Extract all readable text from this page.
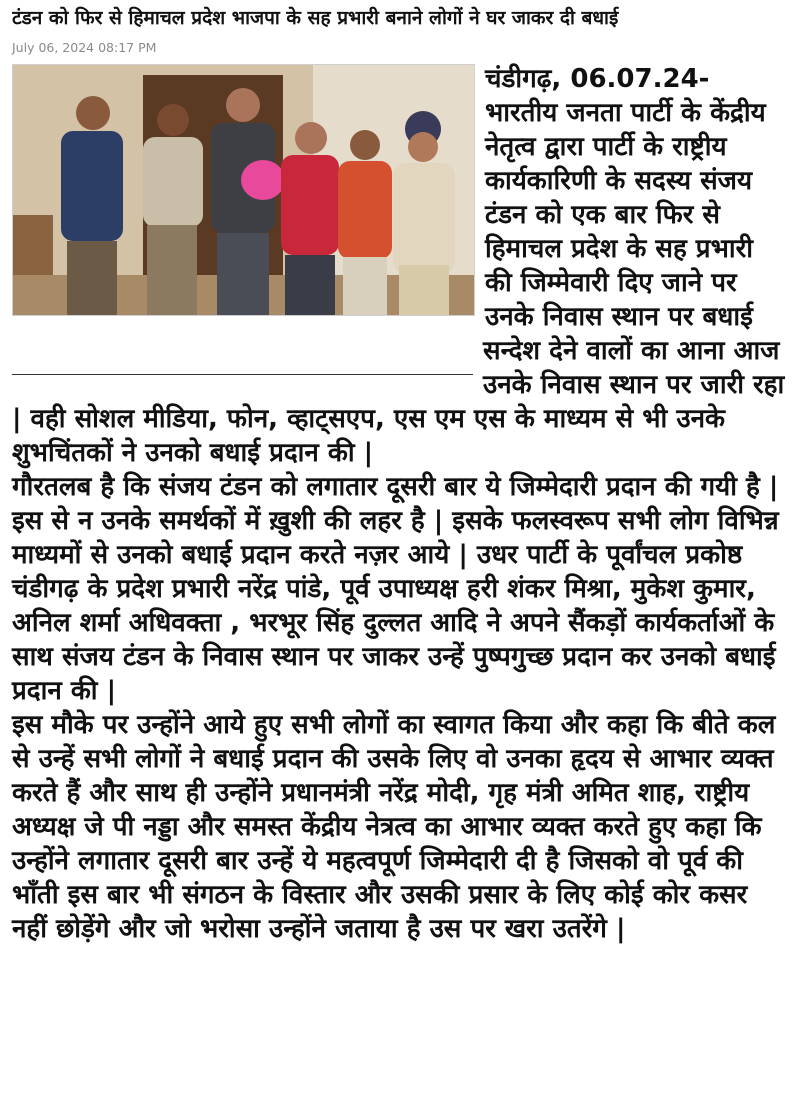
टंडन को फिर से हिमाचल प्रदेश भाजपा के सह प्रभारी बनाने लोगों ने घर जाकर दी बधाई
July 06, 2024 08:17 PM

चंडीगढ़, 06.07.24- भारतीय जनता पार्टी के केंद्रीय नेतृत्व द्वारा पार्टी के राष्ट्रीय कार्यकारिणी के सदस्य संजय टंडन को एक बार फिर से हिमाचल प्रदेश के सह प्रभारी की जिम्मेवारी दिए जाने पर उनके निवास स्थान पर बधाई सन्देश देने वालों का आना आज उनके निवास स्थान पर जारी रहा | वही सोशल मीडिया, फोन, व्हाट्सएप, एस एम एस के माध्यम से भी उनके शुभचिंतकों ने उनको बधाई प्रदान की |

गौरतलब है कि संजय टंडन को लगातार दूसरी बार ये जिम्मेदारी प्रदान की गयी है | इस से न उनके समर्थकों में ख़ुशी की लहर है | इसके फलस्वरूप सभी लोग विभिन्न माध्यमों से उनको बधाई प्रदान करते नज़र आये | उधर पार्टी के पूर्वांचल प्रकोष्ठ चंडीगढ़ के प्रदेश प्रभारी नरेंद्र पांडे, पूर्व उपाध्यक्ष हरी शंकर मिश्रा, मुकेश कुमार, अनिल शर्मा अधिवक्ता , भरभूर सिंह दुल्लत आदि ने अपने सैंकड़ों कार्यकर्ताओं के साथ संजय टंडन के निवास स्थान पर जाकर उन्हें पुष्पगुच्छ प्रदान कर उनको बधाई प्रदान की |

इस मौके पर उन्होंने आये हुए सभी लोगों का स्वागत किया और कहा कि बीते कल से उन्हें सभी लोगों ने बधाई प्रदान की उसके लिए वो उनका हृदय से आभार व्यक्त करते हैं और साथ ही उन्होंने प्रधानमंत्री नरेंद्र मोदी, गृह मंत्री अमित शाह, राष्ट्रीय अध्यक्ष जे पी नड्डा और समस्त केंद्रीय नेत्रत्व का आभार व्यक्त करते हुए कहा कि उन्होंने लगातार दूसरी बार उन्हें ये महत्वपूर्ण जिम्मेदारी दी है जिसको वो पूर्व की भाँती इस बार भी संगठन के विस्तार और उसकी प्रसार के लिए कोई कोर कसर नहीं छोड़ेंगे और जो भरोसा उन्होंने जताया है उस पर खरा उतरेंगे |
